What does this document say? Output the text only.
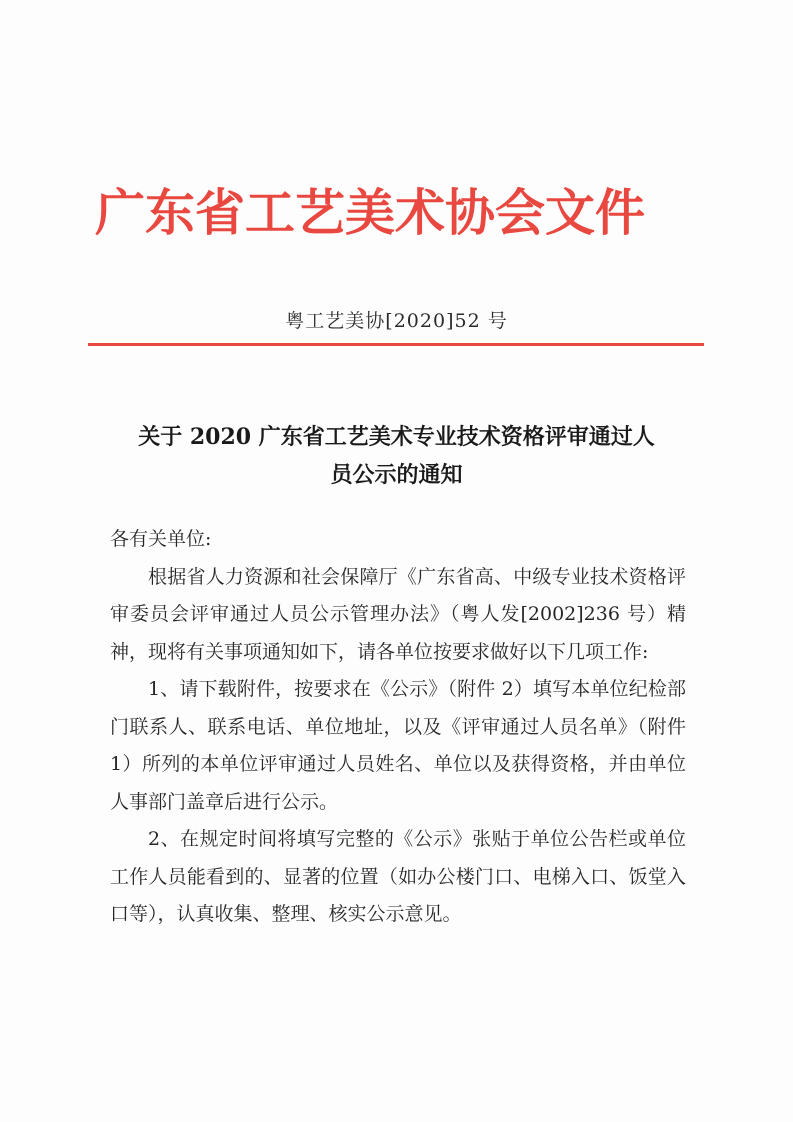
广东省工艺美术协会文件
粤工艺美协[2020]52 号
关于 2020 广东省工艺美术专业技术资格评审通过人
员公示的通知

各有关单位:

根据省人力资源和社会保障厅《广东省高、中级专业技术资格评审委员会评审通过人员公示管理办法》（粤人发[2002]236 号）精神，现将有关事项通知如下，请各单位按要求做好以下几项工作:

1、请下载附件，按要求在《公示》（附件 2）填写本单位纪检部门联系人、联系电话、单位地址，以及《评审通过人员名单》（附件 1）所列的本单位评审通过人员姓名、单位以及获得资格，并由单位人事部门盖章后进行公示。

2、在规定时间将填写完整的《公示》张贴于单位公告栏或单位工作人员能看到的、显著的位置（如办公楼门口、电梯入口、饭堂入口等），认真收集、整理、核实公示意见。
